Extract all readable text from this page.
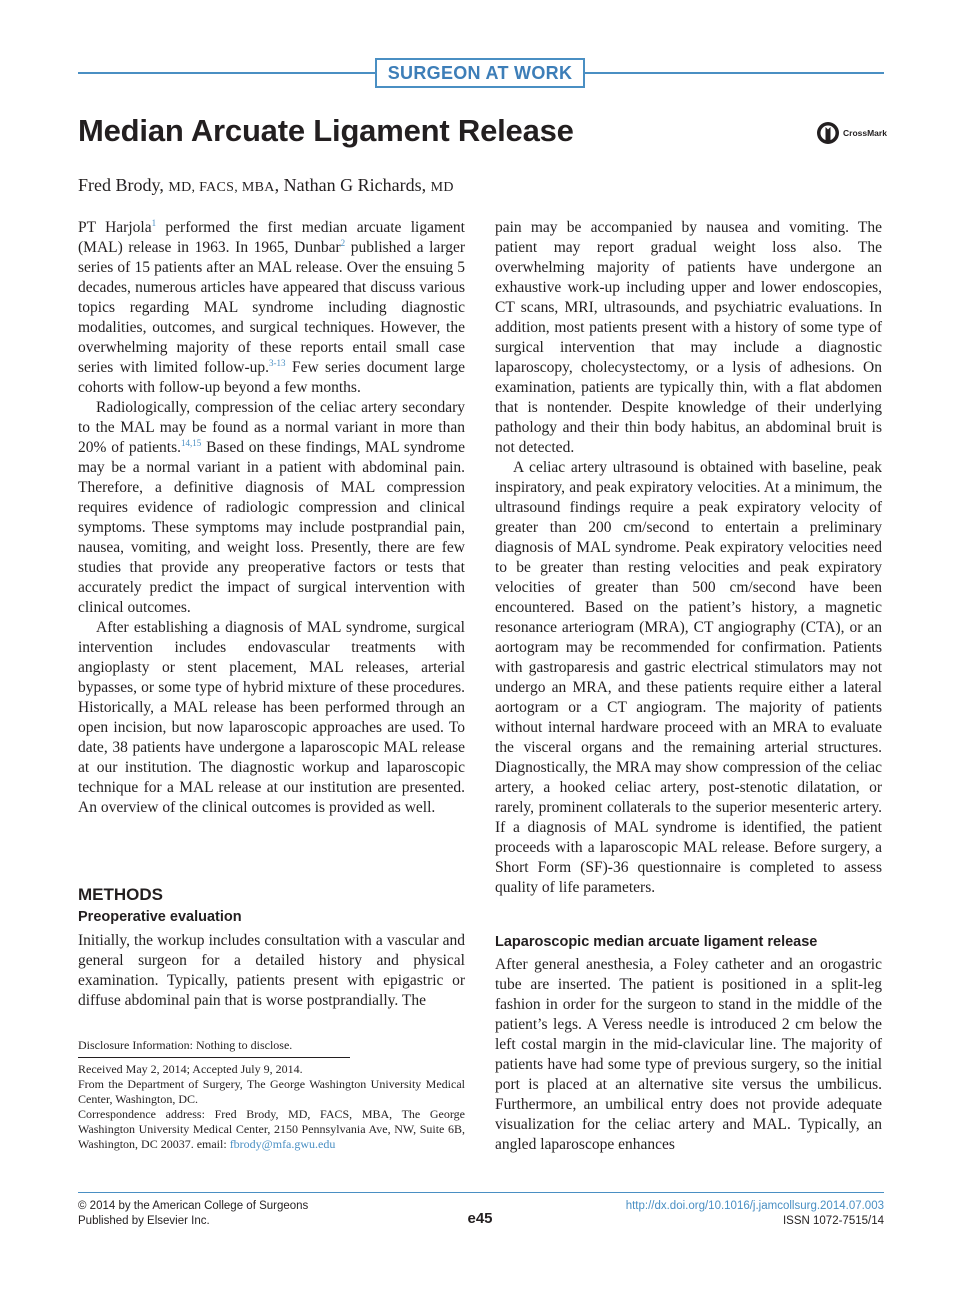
SURGEON AT WORK
Median Arcuate Ligament Release	CrossMark
Fred Brody, MD, FACS, MBA, Nathan G Richards, MD

PT Harjola$^1$ performed the first median arcuate ligament (MAL) release in 1963. In 1965, Dunbar$^2$ published a larger series of 15 patients after an MAL release. Over the ensuing 5 decades, numerous articles have appeared that discuss various topics regarding MAL syndrome including diagnostic modalities, outcomes, and surgical techniques. However, the overwhelming majority of these reports entail small case series with limited follow-up.$^{3-13}$ Few series document large cohorts with follow-up beyond a few months.

Radiologically, compression of the celiac artery secondary to the MAL may be found as a normal variant in more than 20% of patients.$^{14,15}$ Based on these findings, MAL syndrome may be a normal variant in a patient with abdominal pain. Therefore, a definitive diagnosis of MAL compression requires evidence of radiologic compression and clinical symptoms. These symptoms may include postprandial pain, nausea, vomiting, and weight loss. Presently, there are few studies that provide any preoperative factors or tests that accurately predict the impact of surgical intervention with clinical outcomes.

After establishing a diagnosis of MAL syndrome, surgical intervention includes endovascular treatments with angioplasty or stent placement, MAL releases, arterial bypasses, or some type of hybrid mixture of these procedures. Historically, a MAL release has been performed through an open incision, but now laparoscopic approaches are used. To date, 38 patients have undergone a laparoscopic MAL release at our institution. The diagnostic workup and laparoscopic technique for a MAL release at our institution are presented. An overview of the clinical outcomes is provided as well.

METHODS
Preoperative evaluation

Initially, the workup includes consultation with a vascular and general surgeon for a detailed history and physical examination. Typically, patients present with epigastric or diffuse abdominal pain that is worse postprandially. The

Disclosure Information: Nothing to disclose.

Received May 2, 2014; Accepted July 9, 2014.

From the Department of Surgery, The George Washington University Medical Center, Washington, DC.

Correspondence address: Fred Brody, MD, FACS, MBA, The George Washington University Medical Center, 2150 Pennsylvania Ave, NW, Suite 6B, Washington, DC 20037. email: fbrody@mfa.gwu.edu

pain may be accompanied by nausea and vomiting. The patient may report gradual weight loss also. The overwhelming majority of patients have undergone an exhaustive work-up including upper and lower endoscopies, CT scans, MRI, ultrasounds, and psychiatric evaluations. In addition, most patients present with a history of some type of surgical intervention that may include a diagnostic laparoscopy, cholecystectomy, or a lysis of adhesions. On examination, patients are typically thin, with a flat abdomen that is nontender. Despite knowledge of their underlying pathology and their thin body habitus, an abdominal bruit is not detected.

A celiac artery ultrasound is obtained with baseline, peak inspiratory, and peak expiratory velocities. At a minimum, the ultrasound findings require a peak expiratory velocity of greater than 200 cm/second to entertain a preliminary diagnosis of MAL syndrome. Peak expiratory velocities need to be greater than resting velocities and peak expiratory velocities of greater than 500 cm/second have been encountered. Based on the patient’s history, a magnetic resonance arteriogram (MRA), CT angiography (CTA), or an aortogram may be recommended for confirmation. Patients with gastroparesis and gastric electrical stimulators may not undergo an MRA, and these patients require either a lateral aortogram or a CT angiogram. The majority of patients without internal hardware proceed with an MRA to evaluate the visceral organs and the remaining arterial structures. Diagnostically, the MRA may show compression of the celiac artery, a hooked celiac artery, post-stenotic dilatation, or rarely, prominent collaterals to the superior mesenteric artery. If a diagnosis of MAL syndrome is identified, the patient proceeds with a laparoscopic MAL release. Before surgery, a Short Form (SF)-36 questionnaire is completed to assess quality of life parameters.

Laparoscopic median arcuate ligament release

After general anesthesia, a Foley catheter and an orogastric tube are inserted. The patient is positioned in a split-leg fashion in order for the surgeon to stand in the middle of the patient’s legs. A Veress needle is introduced 2 cm below the left costal margin in the mid-clavicular line. The majority of patients have had some type of previous surgery, so the initial port is placed at an alternative site versus the umbilicus. Furthermore, an umbilical entry does not provide adequate visualization for the celiac artery and MAL. Typically, an angled laparoscope enhances

© 2014 by the American College of Surgeons
Published by Elsevier Inc.	e45
http://dx.doi.org/10.1016/j.jamcollsurg.2014.07.003
ISSN 1072-7515/14
